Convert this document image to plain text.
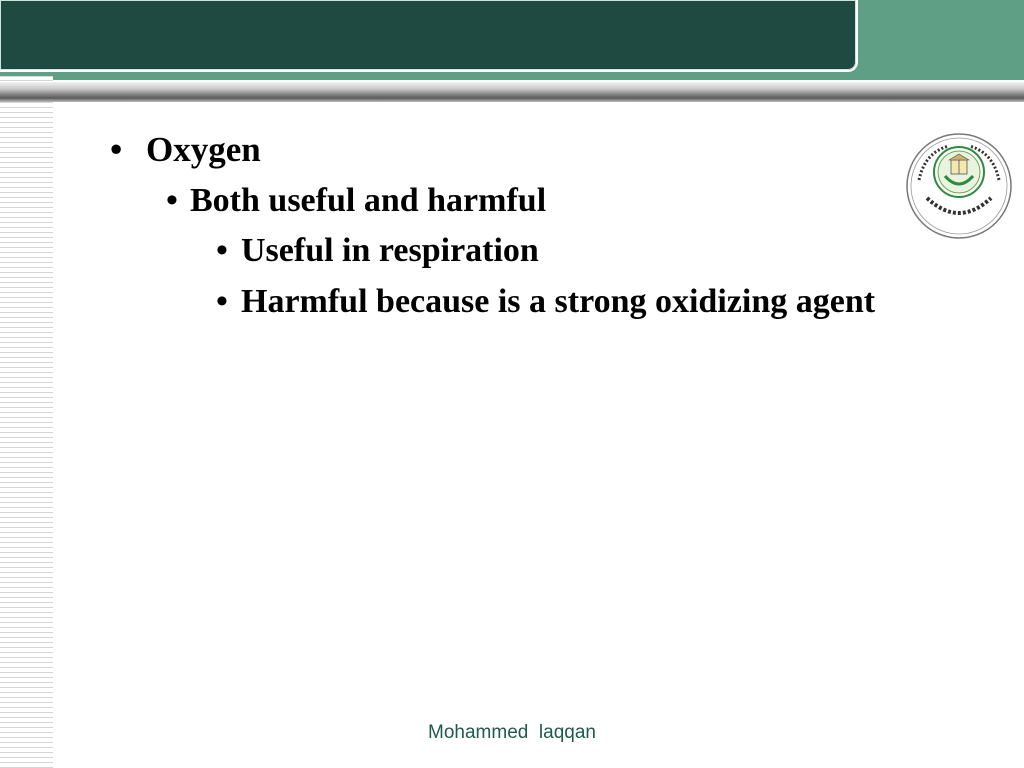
• Oxygen
• Both useful and harmful
• Useful in respiration
• Harmful because is a strong oxidizing agent
Mohammed  laqqan
